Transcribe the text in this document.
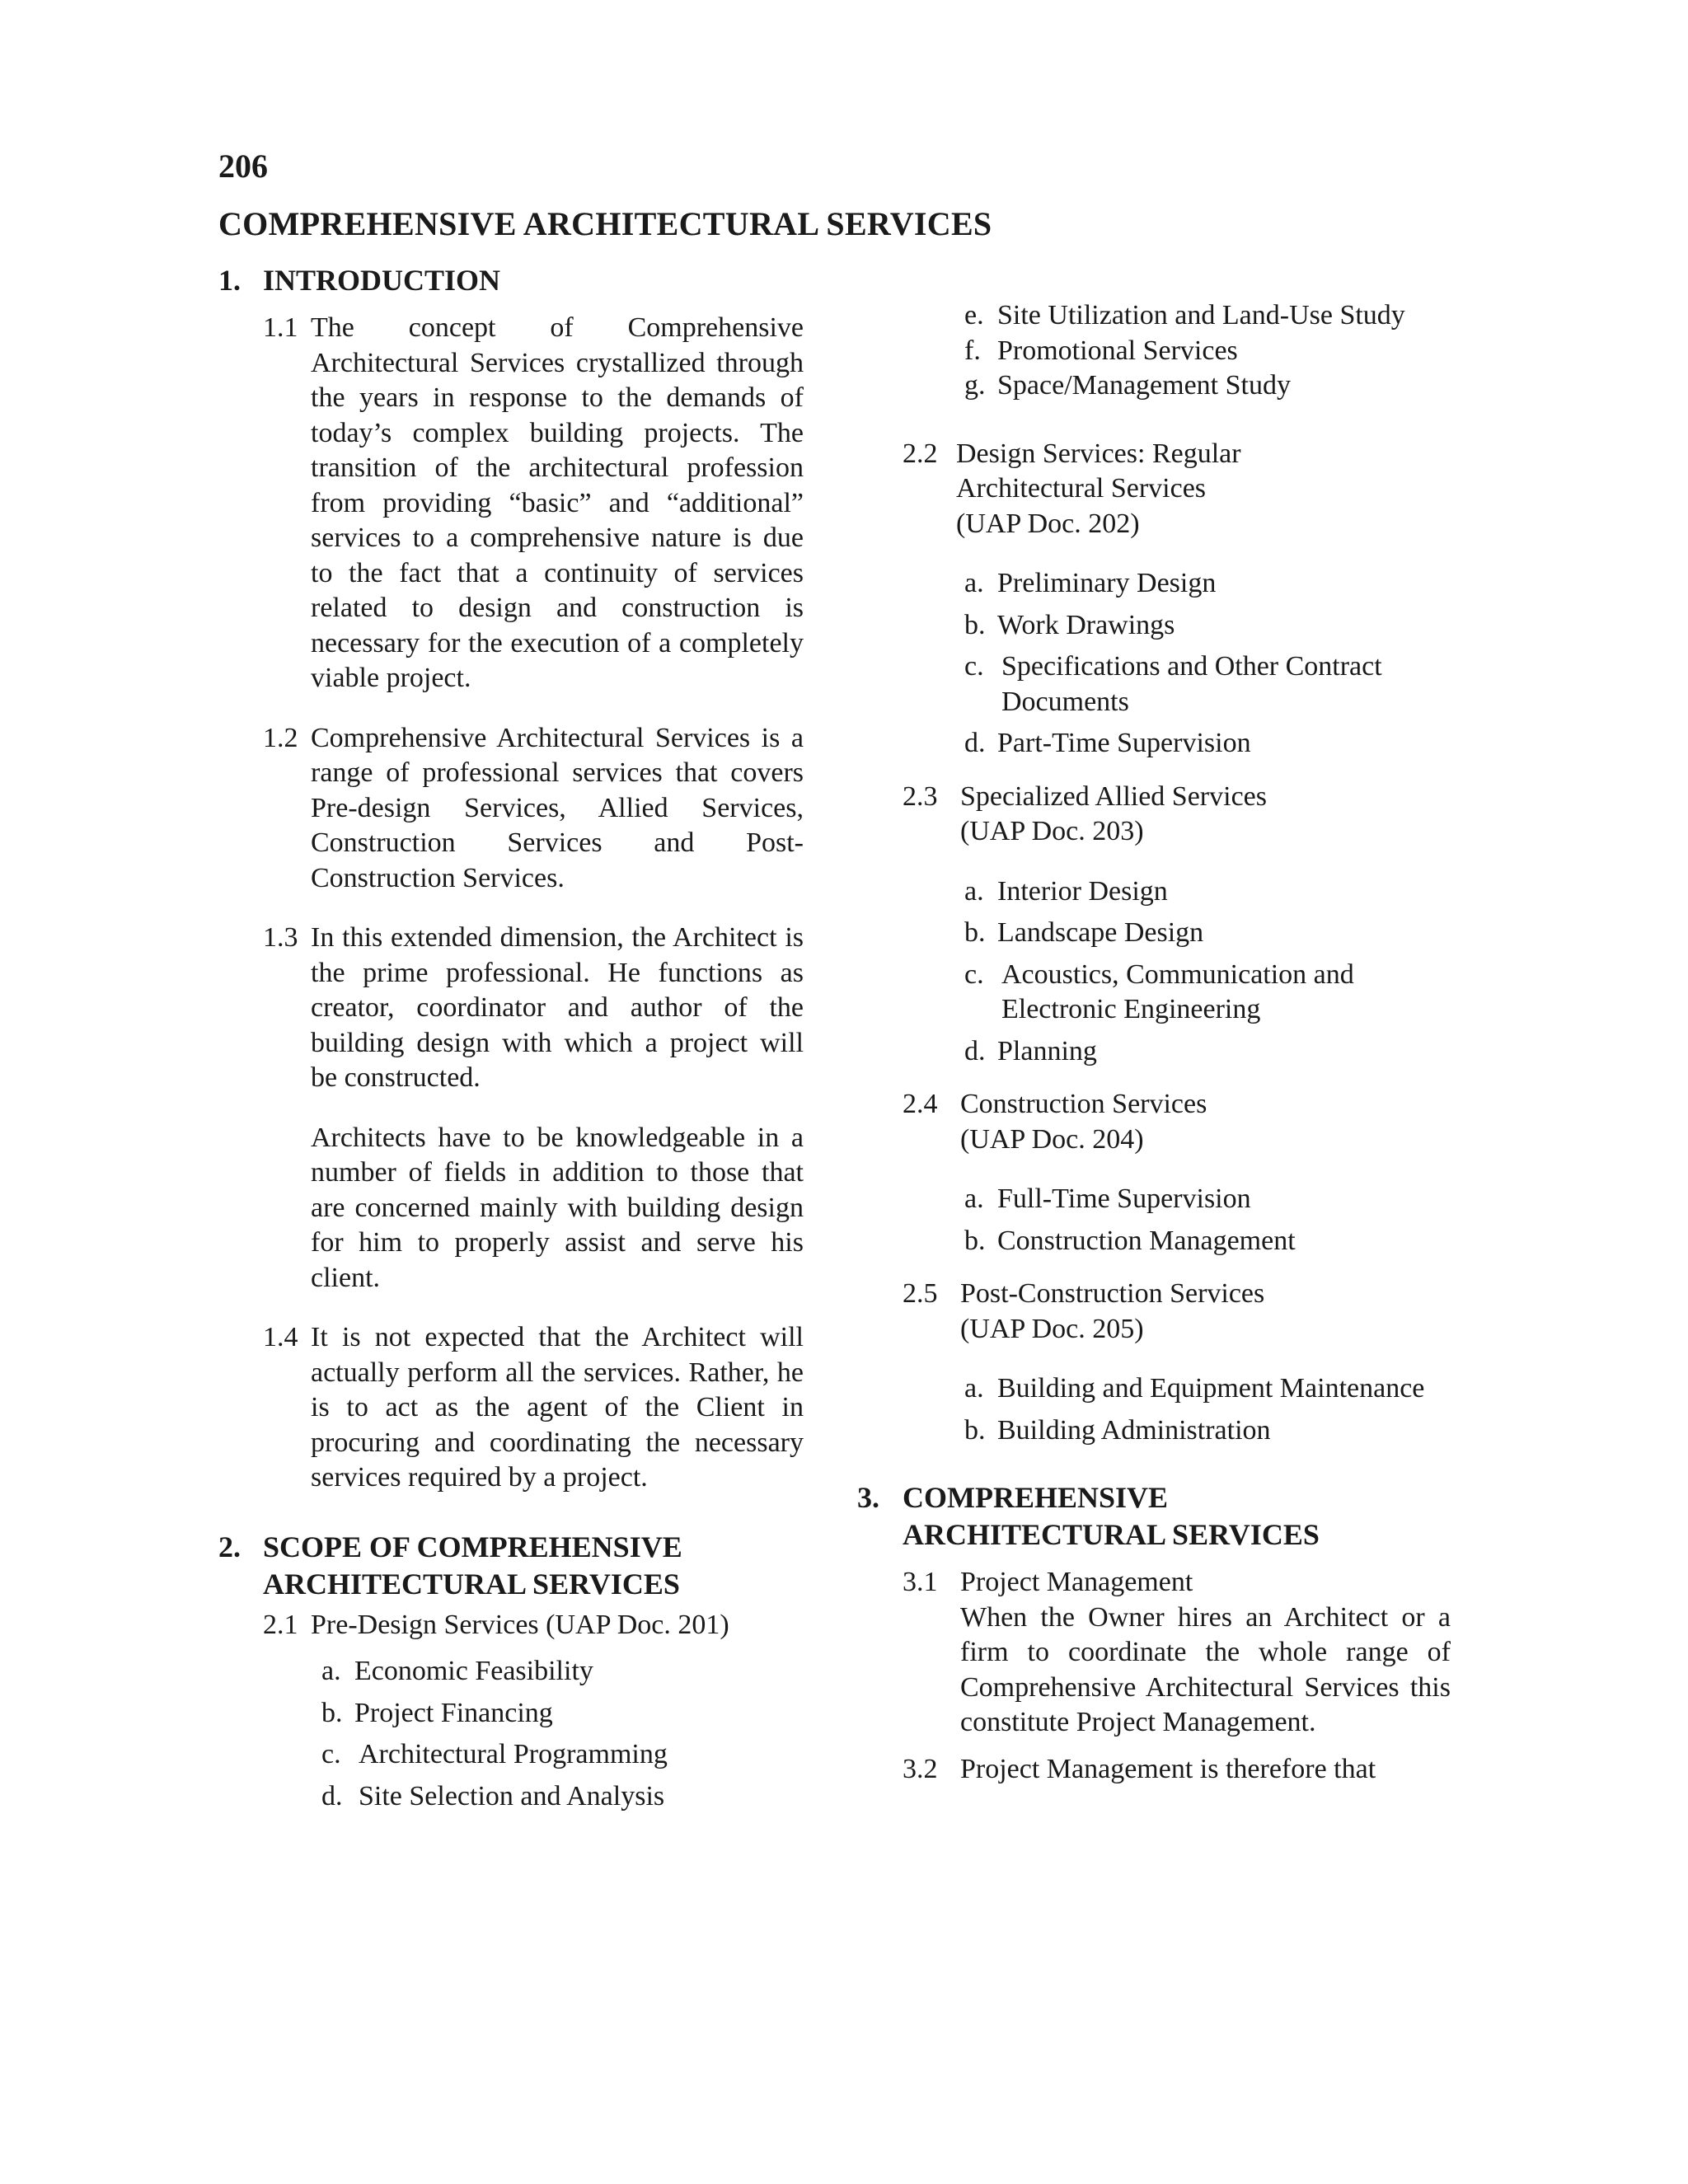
206
COMPREHENSIVE ARCHITECTURAL SERVICES
1. INTRODUCTION
1.1 The concept of Comprehensive Architectural Services crystallized through the years in response to the demands of today’s complex building projects. The transition of the architectural profession from providing “basic” and “additional” services to a comprehensive nature is due to the fact that a continuity of services related to design and construction is necessary for the execution of a completely viable project.
1.2 Comprehensive Architectural Services is a range of professional services that covers Pre-design Services, Allied Services, Construction Services and Post-Construction Services.
1.3 In this extended dimension, the Architect is the prime professional. He functions as creator, coordinator and author of the building design with which a project will be constructed.
Architects have to be knowledgeable in a number of fields in addition to those that are concerned mainly with building design for him to properly assist and serve his client.
1.4 It is not expected that the Architect will actually perform all the services. Rather, he is to act as the agent of the Client in procuring and coordinating the necessary services required by a project.
2. SCOPE OF COMPREHENSIVE
ARCHITECTURAL SERVICES
2.1 Pre-Design Services (UAP Doc. 201)
a. Economic Feasibility
b. Project Financing
c. Architectural Programming
d. Site Selection and Analysis
e. Site Utilization and Land-Use Study
f. Promotional Services
g. Space/Management Study
2.2 Design Services: Regular
Architectural Services
(UAP Doc. 202)
a. Preliminary Design
b. Work Drawings
c. Specifications and Other Contract Documents
d. Part-Time Supervision
2.3 Specialized Allied Services
(UAP Doc. 203)
a. Interior Design
b. Landscape Design
c. Acoustics, Communication and Electronic Engineering
d. Planning
2.4 Construction Services
(UAP Doc. 204)
a. Full-Time Supervision
b. Construction Management
2.5 Post-Construction Services
(UAP Doc. 205)
a. Building and Equipment Maintenance
b. Building Administration
3. COMPREHENSIVE
ARCHITECTURAL SERVICES
3.1 Project Management
When the Owner hires an Architect or a firm to coordinate the whole range of Comprehensive Architectural Services this constitute Project Management.
3.2 Project Management is therefore that
